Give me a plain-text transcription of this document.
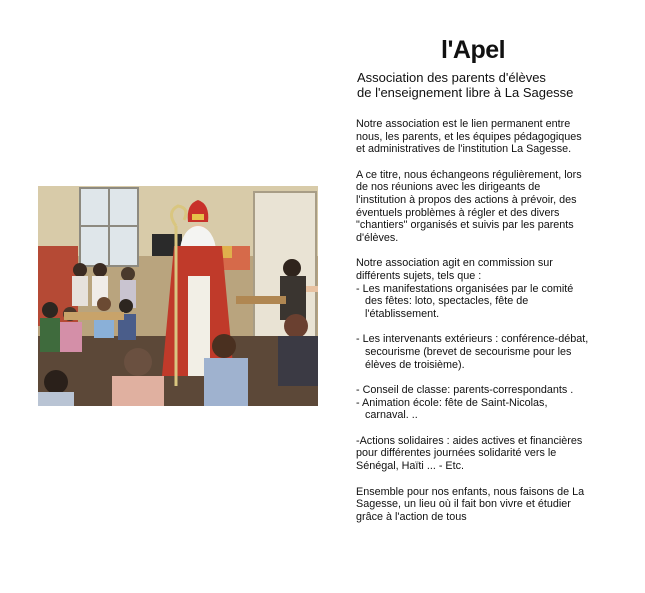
l'Apel
Association des parents d'élèves
de l'enseignement libre à La Sagesse

Notre association est le lien permanent entre nous, les parents, et les équipes pédagogiques et administratives de l'institution La Sagesse.

A ce titre, nous échangeons régulièrement, lors de nos réunions avec les dirigeants de l'institution à propos des actions à prévoir, des éventuels problèmes à régler et des divers "chantiers" organisés et suivis par les parents d'élèves.

Notre association agit en commission sur différents sujets, tels que :

- Les manifestations organisées par le comité des fêtes: loto, spectacles, fête de l'établissement.
- Les intervenants extérieurs : conférence-débat, secourisme (brevet de secourisme pour les élèves de troisième).
- Conseil de classe: parents-correspondants .
- Animation école: fête de Saint-Nicolas, carnaval. ..
-Actions solidaires : aides actives et financières pour différentes journées solidarité vers le Sénégal, Haïti ... - Etc.

Ensemble pour nos enfants, nous faisons de La Sagesse, un lieu où il fait bon vivre et étudier grâce à l'action de tous
